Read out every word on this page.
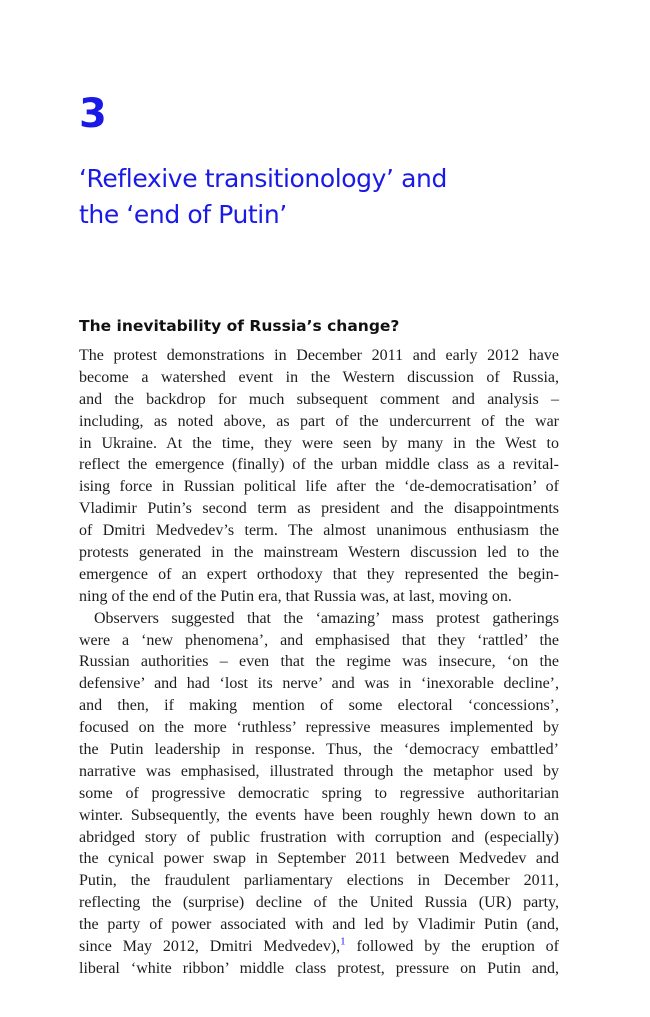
3
‘Reflexive transitionology’ and
the ‘end of Putin’
The inevitability of Russia’s change?
The protest demonstrations in December 2011 and early 2012 have
become a watershed event in the Western discussion of Russia,
and the backdrop for much subsequent comment and analysis –
including, as noted above, as part of the undercurrent of the war
in Ukraine. At the time, they were seen by many in the West to
reflect the emergence (finally) of the urban middle class as a revital-
ising force in Russian political life after the ‘de-democratisation’ of
Vladimir Putin’s second term as president and the disappointments
of Dmitri Medvedev’s term. The almost unanimous enthusiasm the
protests generated in the mainstream Western discussion led to the
emergence of an expert orthodoxy that they represented the begin-
ning of the end of the Putin era, that Russia was, at last, moving on.
Observers suggested that the ‘amazing’ mass protest gatherings
were a ‘new phenomena’, and emphasised that they ‘rattled’ the
Russian authorities – even that the regime was insecure, ‘on the
defensive’ and had ‘lost its nerve’ and was in ‘inexorable decline’,
and then, if making mention of some electoral ‘concessions’,
focused on the more ‘ruthless’ repressive measures implemented by
the Putin leadership in response. Thus, the ‘democracy embattled’
narrative was emphasised, illustrated through the metaphor used by
some of progressive democratic spring to regressive authoritarian
winter. Subsequently, the events have been roughly hewn down to an
abridged story of public frustration with corruption and (especially)
the cynical power swap in September 2011 between Medvedev and
Putin, the fraudulent parliamentary elections in December 2011,
reflecting the (surprise) decline of the United Russia (UR) party,
the party of power associated with and led by Vladimir Putin (and,
since May 2012, Dmitri Medvedev),$^1$ followed by the eruption of
liberal ‘white ribbon’ middle class protest, pressure on Putin and,
